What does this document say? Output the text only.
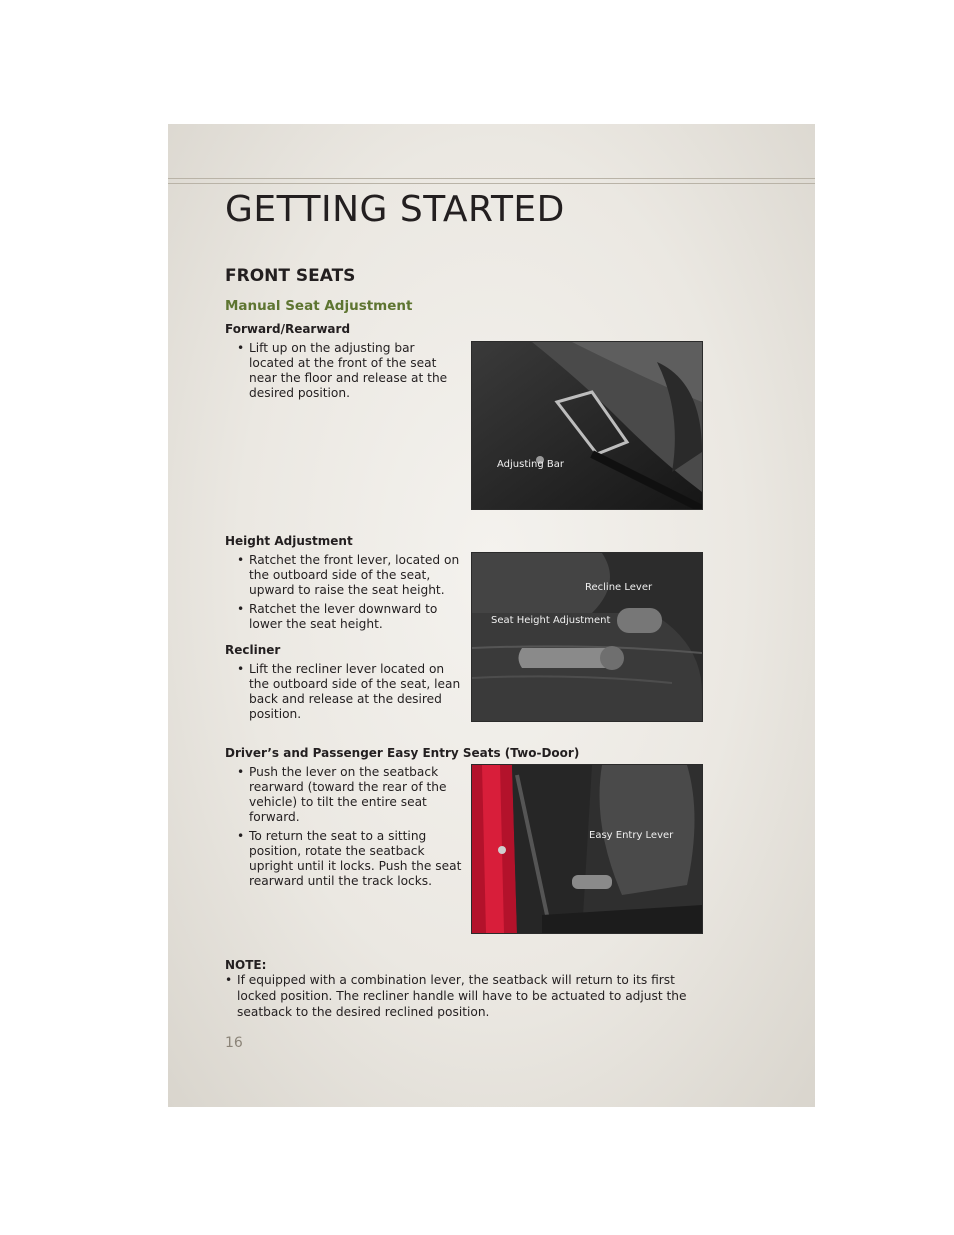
GETTING STARTED
FRONT SEATS
Manual Seat Adjustment
Forward/Rearward
• Lift up on the adjusting bar located at the front of the seat near the floor and release at the desired position.
Adjusting Bar
Height Adjustment
• Ratchet the front lever, located on the outboard side of the seat, upward to raise the seat height.
• Ratchet the lever downward to lower the seat height.
Recliner
• Lift the recliner lever located on the outboard side of the seat, lean back and release at the desired position.
Recline Lever
Seat Height Adjustment
Driver’s and Passenger Easy Entry Seats (Two-Door)
• Push the lever on the seatback rearward (toward the rear of the vehicle) to tilt the entire seat forward.
• To return the seat to a sitting position, rotate the seatback upright until it locks. Push the seat rearward until the track locks.
Easy Entry Lever
NOTE:
• If equipped with a combination lever, the seatback will return to its first locked position. The recliner handle will have to be actuated to adjust the seatback to the desired reclined position.
16
